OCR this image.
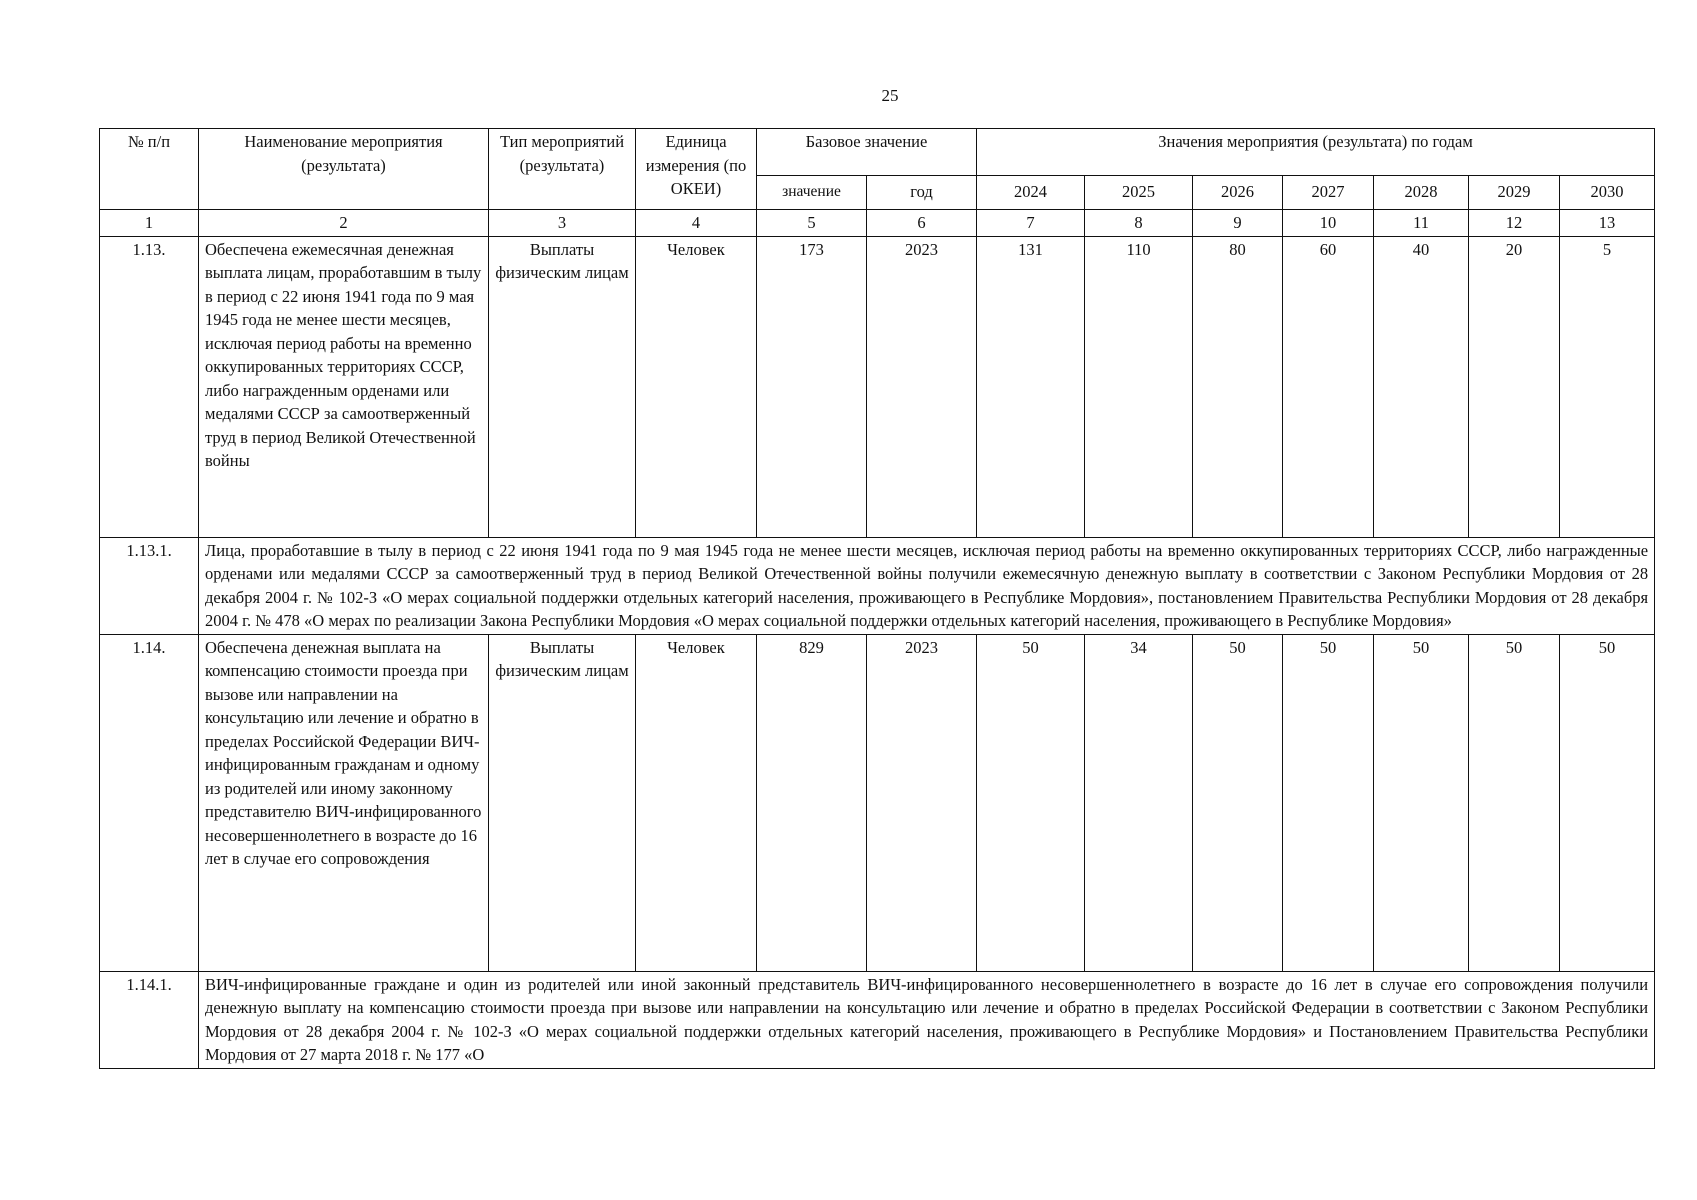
25
№ п/п	Наименование мероприятия (результата)	Тип мероприятий (результата)	Единица измерения (по ОКЕИ)	Базовое значение		Значения мероприятия (результата) по годам						
				значение	год	2024	2025	2026	2027	2028	2029	2030
1	2	3	4	5	6	7	8	9	10	11	12	13
1.13.	Обеспечена ежемесячная денежная выплата лицам, проработавшим в тылу в период с 22 июня 1941 года по 9 мая 1945 года не менее шести месяцев, исключая период работы на временно оккупированных территориях СССР, либо награжденным орденами или медалями СССР за самоотверженный труд в период Великой Отечественной войны	Выплаты физическим лицам	Человек	173	2023	131	110	80	60	40	20	5
1.13.1.	Лица, проработавшие в тылу в период с 22 июня 1941 года по 9 мая 1945 года не менее шести месяцев, исключая период работы на временно оккупированных территориях СССР, либо награжденные орденами или медалями СССР за самоотверженный труд в период Великой Отечественной войны получили ежемесячную денежную выплату в соответствии с Законом Республики Мордовия от 28 декабря 2004 г. № 102-З «О мерах социальной поддержки отдельных категорий населения, проживающего в Республике Мордовия», постановлением Правительства Республики Мордовия от 28 декабря 2004 г. № 478 «О мерах по реализации Закона Республики Мордовия «О мерах социальной поддержки отдельных категорий населения, проживающего в Республике Мордовия»											
1.14.	Обеспечена денежная выплата на компенсацию стоимости проезда при вызове или направлении на консультацию или лечение и обратно в пределах Российской Федерации ВИЧ-инфицированным гражданам и одному из родителей или иному законному представителю ВИЧ-инфицированного несовершеннолетнего в возрасте до 16 лет в случае его сопровождения	Выплаты физическим лицам	Человек	829	2023	50	34	50	50	50	50	50
1.14.1.	ВИЧ-инфицированные граждане и один из родителей или иной законный представитель ВИЧ-инфицированного несовершеннолетнего в возрасте до 16 лет в случае его сопровождения получили денежную выплату на компенсацию стоимости проезда при вызове или направлении на консультацию или лечение и обратно в пределах Российской Федерации в соответствии с Законом Республики Мордовия от 28 декабря 2004 г. № 102-З «О мерах социальной поддержки отдельных категорий населения, проживающего в Республике Мордовия» и Постановлением Правительства Республики Мордовия от 27 марта 2018 г. № 177 «О											
